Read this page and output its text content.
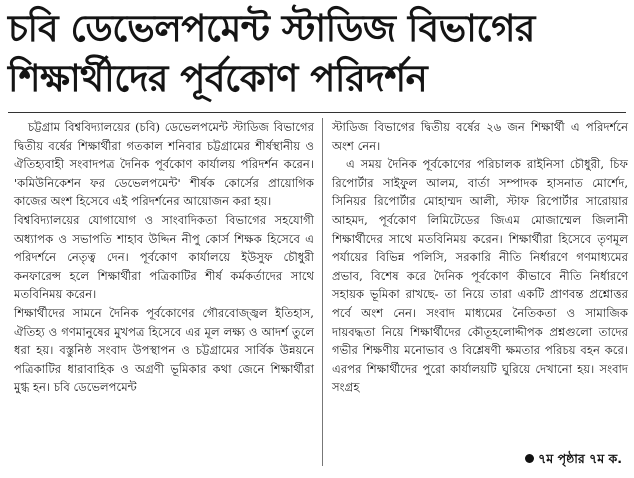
চবি ডেভেলপমেন্ট স্টাডিজ বিভাগের
শিক্ষার্থীদের পূর্বকোণ পরিদর্শন

চট্টগ্রাম বিশ্ববিদ্যালয়ের (চবি) ডেভেলপমেন্ট স্টাডিজ বিভাগের দ্বিতীয় বর্ষের শিক্ষার্থীরা গতকাল শনিবার চট্টগ্রামের শীর্ষস্থানীয় ও ঐতিহ্যবাহী সংবাদপত্র দৈনিক পূর্বকোণ কার্যালয় পরিদর্শন করেন। 'কমিউনিকেশন ফর ডেভেলপমেন্ট' শীর্ষক কোর্সের প্রায়োগিক কাজের অংশ হিসেবে এই পরিদর্শনের আয়োজন করা হয়।

বিশ্ববিদ্যালয়ের যোগাযোগ ও সাংবাদিকতা বিভাগের সহযোগী অধ্যাপক ও সভাপতি শাহাব উদ্দিন নীপু কোর্স শিক্ষক হিসেবে এ পরিদর্শনে নেতৃত্ব দেন। পূর্বকোণ কার্যালয়ে ইউসুফ চৌধুরী কনফারেন্স হলে শিক্ষার্থীরা পত্রিকাটির শীর্ষ কর্মকর্তাদের সাথে মতবিনিময় করেন।

শিক্ষার্থীদের সামনে দৈনিক পূর্বকোণের গৌরবোজ্জ্বল ইতিহাস, ঐতিহ্য ও গণমানুষের মুখপত্র হিসেবে এর মূল লক্ষ্য ও আদর্শ তুলে ধরা হয়। বস্তুনিষ্ঠ সংবাদ উপস্থাপন ও চট্টগ্রামের সার্বিক উন্নয়নে পত্রিকাটির ধারাবাহিক ও অগ্রণী ভূমিকার কথা জেনে শিক্ষার্থীরা মুগ্ধ হন। চবি ডেভেলপমেন্ট

স্টাডিজ বিভাগের দ্বিতীয় বর্ষের ২৬ জন শিক্ষার্থী এ পরিদর্শনে অংশ নেন।

এ সময় দৈনিক পূর্বকোণের পরিচালক রাইনিসা চৌধুরী, চিফ রিপোর্টার সাইফুল আলম, বার্তা সম্পাদক হাসনাত মোর্শেদ, সিনিয়র রিপোর্টার মোহাম্মদ আলী, স্টাফ রিপোর্টার সারোয়ার আহমদ, পূর্বকোণ লিমিটেডের জিএম মোজাম্মেল জিলানী শিক্ষার্থীদের সাথে মতবিনিময় করেন। শিক্ষার্থীরা হিসেবে তৃণমূল পর্যায়ের বিভিন্ন পলিসি, সরকারি নীতি নির্ধারণে গণমাধ্যমের প্রভাব, বিশেষ করে দৈনিক পূর্বকোণ কীভাবে নীতি নির্ধারণে সহায়ক ভূমিকা রাখছে- তা নিয়ে তারা একটি প্রাণবন্ত প্রশ্নোত্তর পর্বে অংশ নেন। সংবাদ মাধ্যমের নৈতিকতা ও সামাজিক দায়বদ্ধতা নিয়ে শিক্ষার্থীদের কৌতূহলোদ্দীপক প্রশ্নগুলো তাদের গভীর শিক্ষণীয় মনোভাব ও বিশ্লেষণী ক্ষমতার পরিচয় বহন করে। এরপর শিক্ষার্থীদের পুরো কার্যালয়টি ঘুরিয়ে দেখানো হয়। সংবাদ সংগ্রহ

৭ম পৃষ্ঠার ৭ম ক.
